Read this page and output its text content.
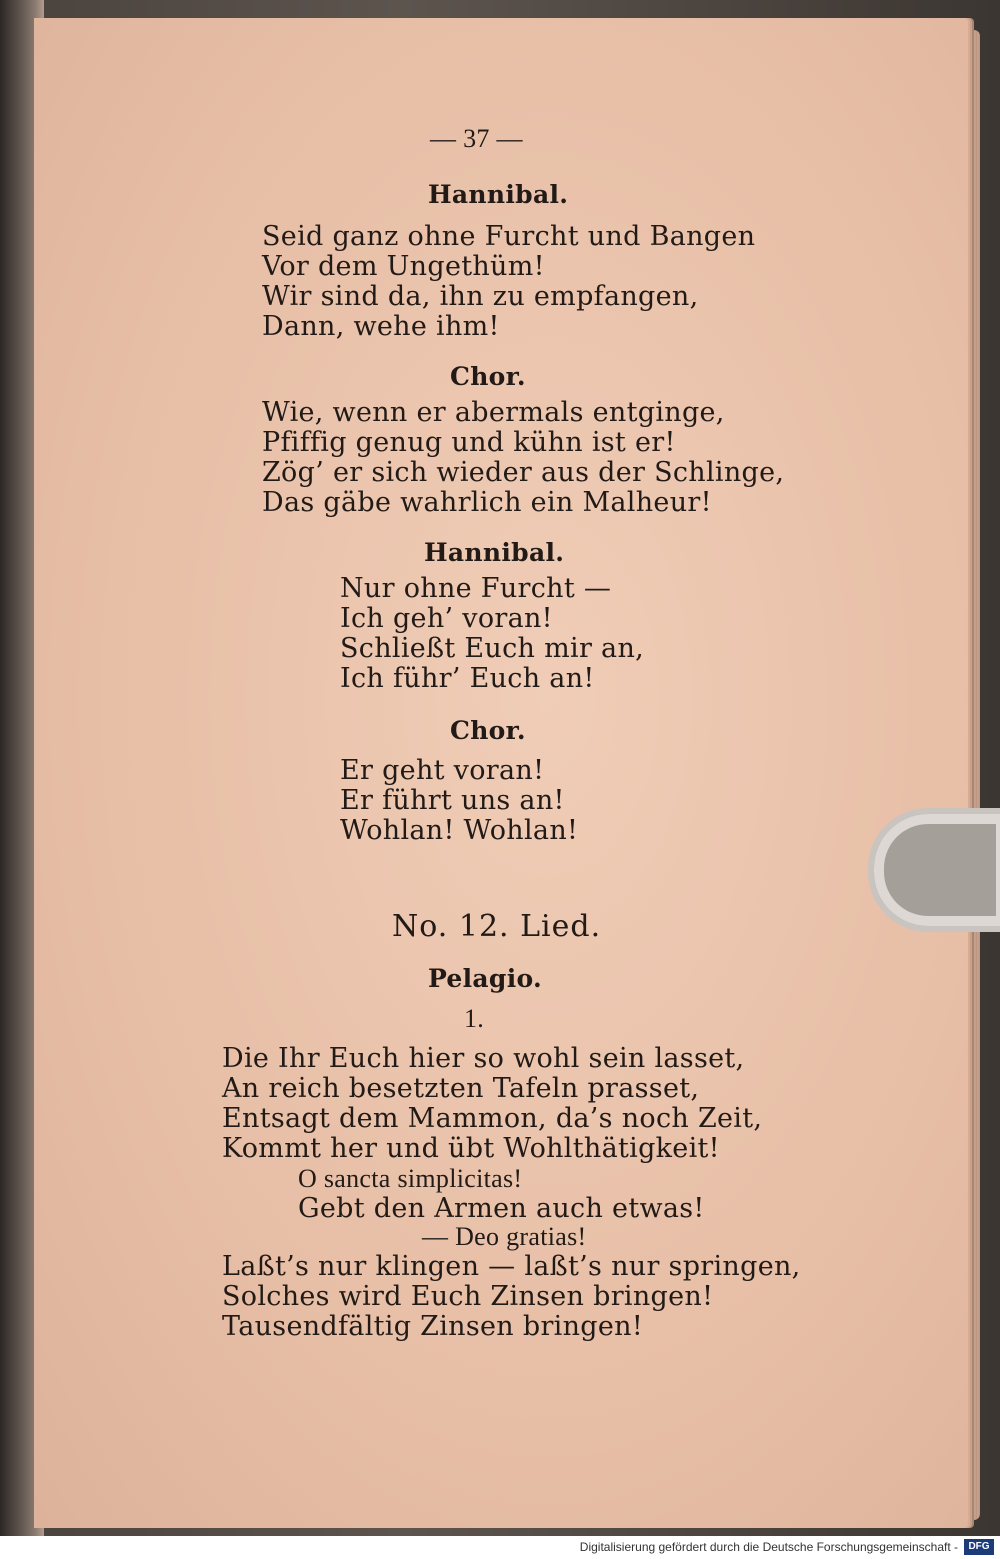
— 37 —
Hannibal.
Seid ganz ohne Furcht und Bangen
Vor dem Ungethüm!
Wir sind da, ihn zu empfangen,
Dann, wehe ihm!
Chor.
Wie, wenn er abermals entginge,
Pfiffig genug und kühn ist er!
Zög’ er sich wieder aus der Schlinge,
Das gäbe wahrlich ein Malheur!
Hannibal.
Nur ohne Furcht —
Ich geh’ voran!
Schließt Euch mir an,
Ich führ’ Euch an!
Chor.
Er geht voran!
Er führt uns an!
Wohlan! Wohlan!
No. 12. Lied.
Pelagio.
1.
Die Ihr Euch hier so wohl sein lasset,
An reich besetzten Tafeln prasset,
Entsagt dem Mammon, da’s noch Zeit,
Kommt her und übt Wohlthätigkeit!
O sancta simplicitas!
Gebt den Armen auch etwas!
— Deo gratias!
Laßt’s nur klingen — laßt’s nur springen,
Solches wird Euch Zinsen bringen!
Tausendfältig Zinsen bringen!
Digitalisierung gefördert durch die Deutsche Forschungsgemeinschaft -	DFG
